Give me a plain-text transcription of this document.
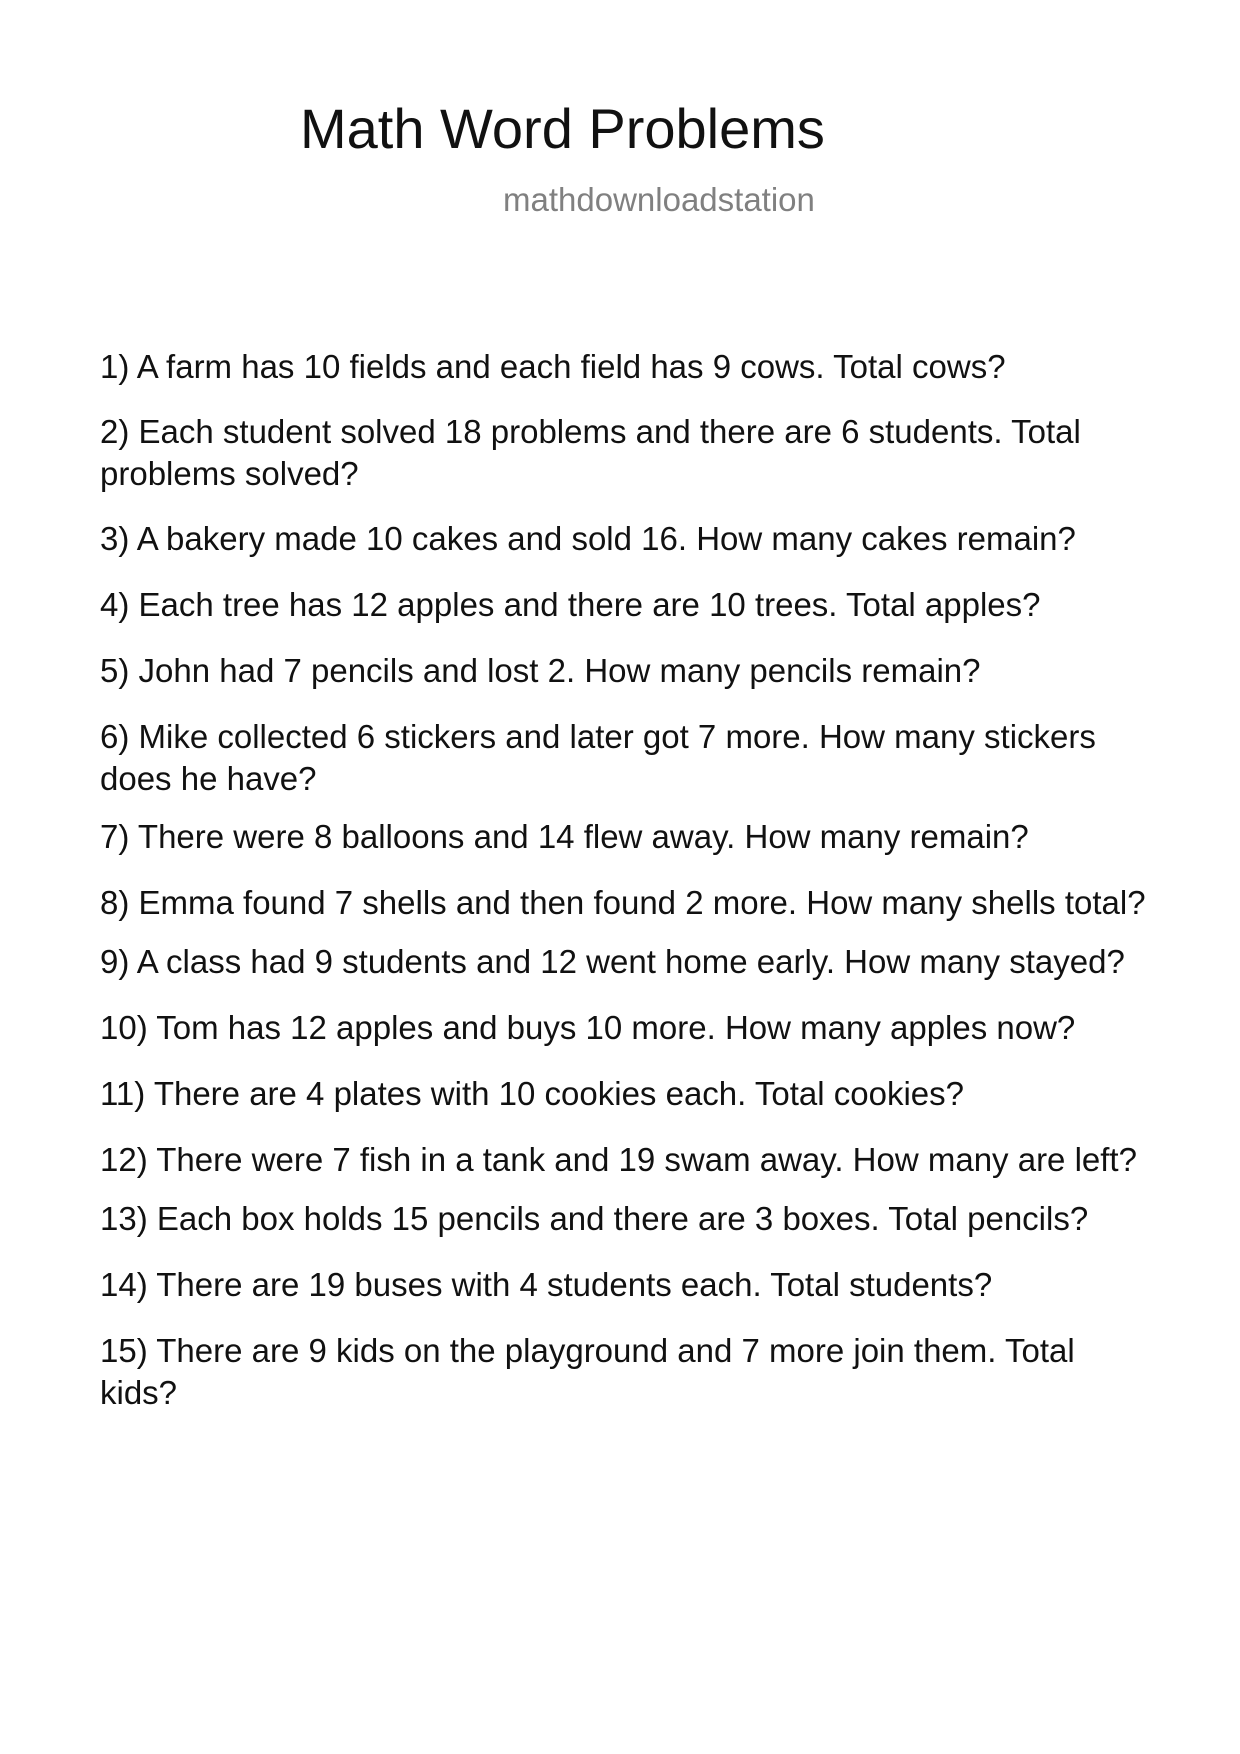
Math Word Problems
mathdownloadstation
1) A farm has 10 fields and each field has 9 cows. Total cows?
2) Each student solved 18 problems and there are 6 students. Total problems solved?
3) A bakery made 10 cakes and sold 16. How many cakes remain?
4) Each tree has 12 apples and there are 10 trees. Total apples?
5) John had 7 pencils and lost 2. How many pencils remain?
6) Mike collected 6 stickers and later got 7 more. How many stickers does he have?
7) There were 8 balloons and 14 flew away. How many remain?
8) Emma found 7 shells and then found 2 more. How many shells total?
9) A class had 9 students and 12 went home early. How many stayed?
10) Tom has 12 apples and buys 10 more. How many apples now?
11) There are 4 plates with 10 cookies each. Total cookies?
12) There were 7 fish in a tank and 19 swam away. How many are left?
13) Each box holds 15 pencils and there are 3 boxes. Total pencils?
14) There are 19 buses with 4 students each. Total students?
15) There are 9 kids on the playground and 7 more join them. Total kids?
